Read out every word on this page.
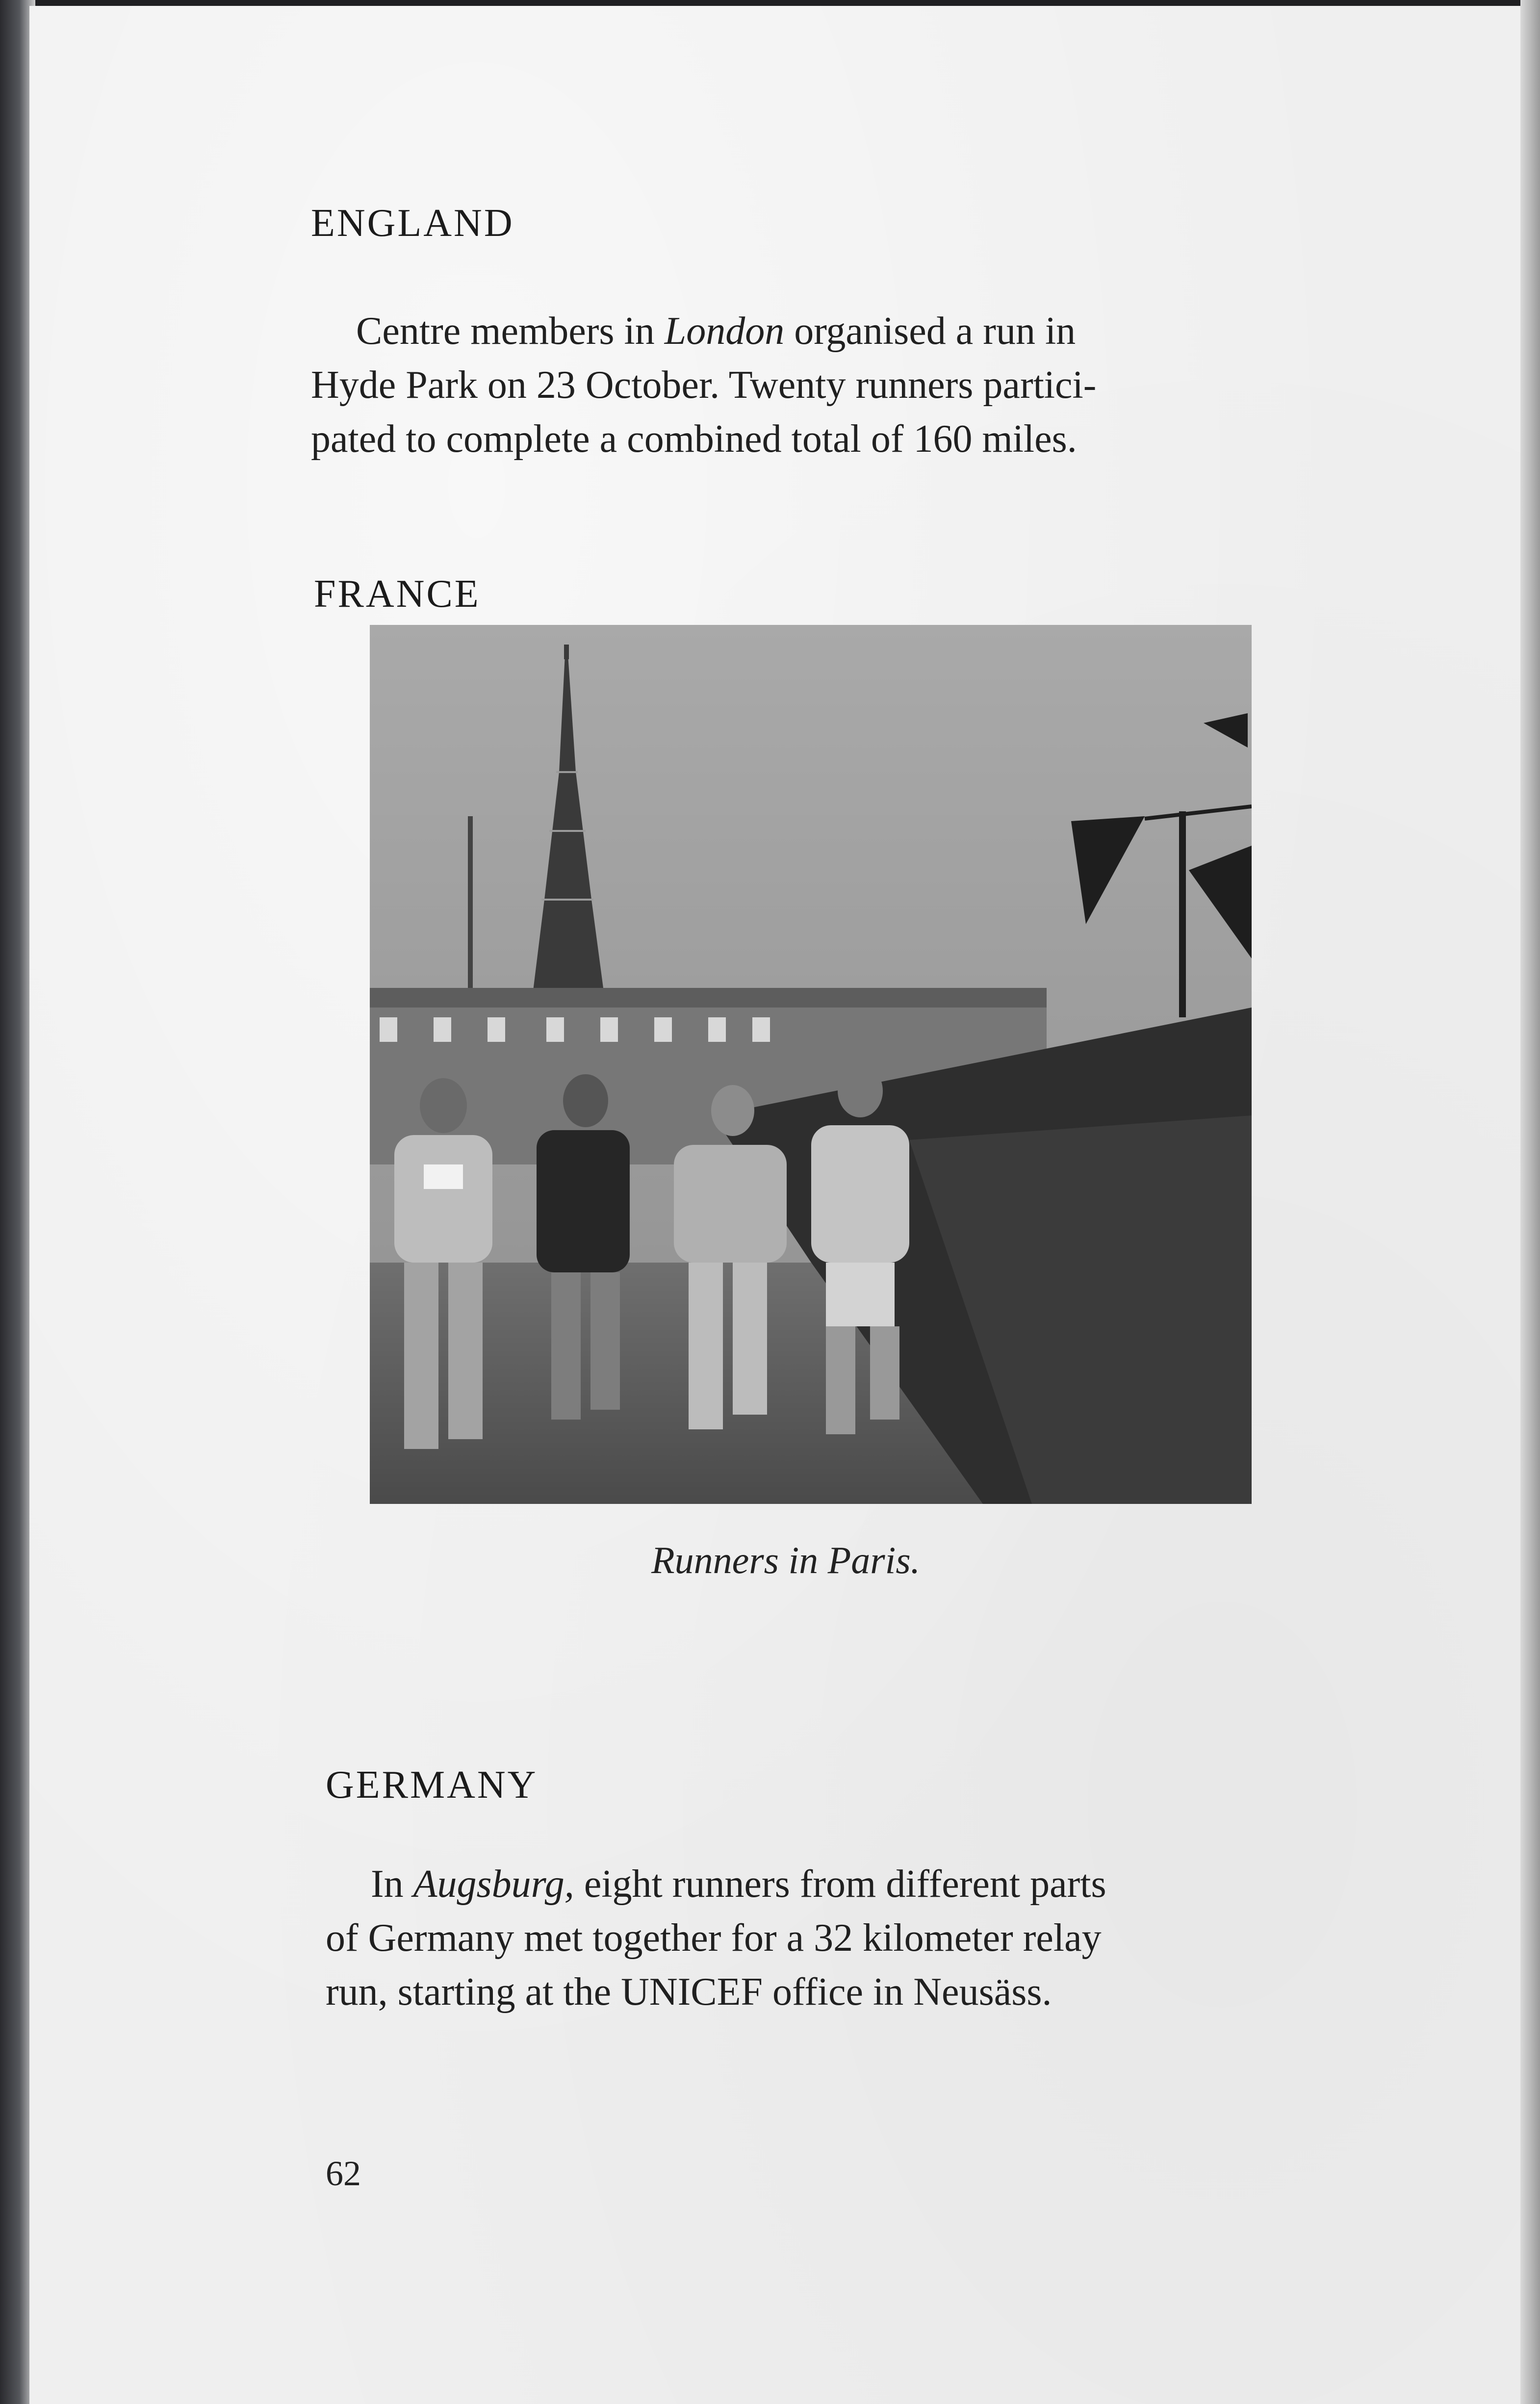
ENGLAND
Centre members in London organised a run in
Hyde Park on 23 October. Twenty runners partici-
pated to complete a combined total of 160 miles.
FRANCE
Runners in Paris.
GERMANY
In Augsburg, eight runners from different parts
of Germany met together for a 32 kilometer relay
run, starting at the UNICEF office in Neusäss.
62
